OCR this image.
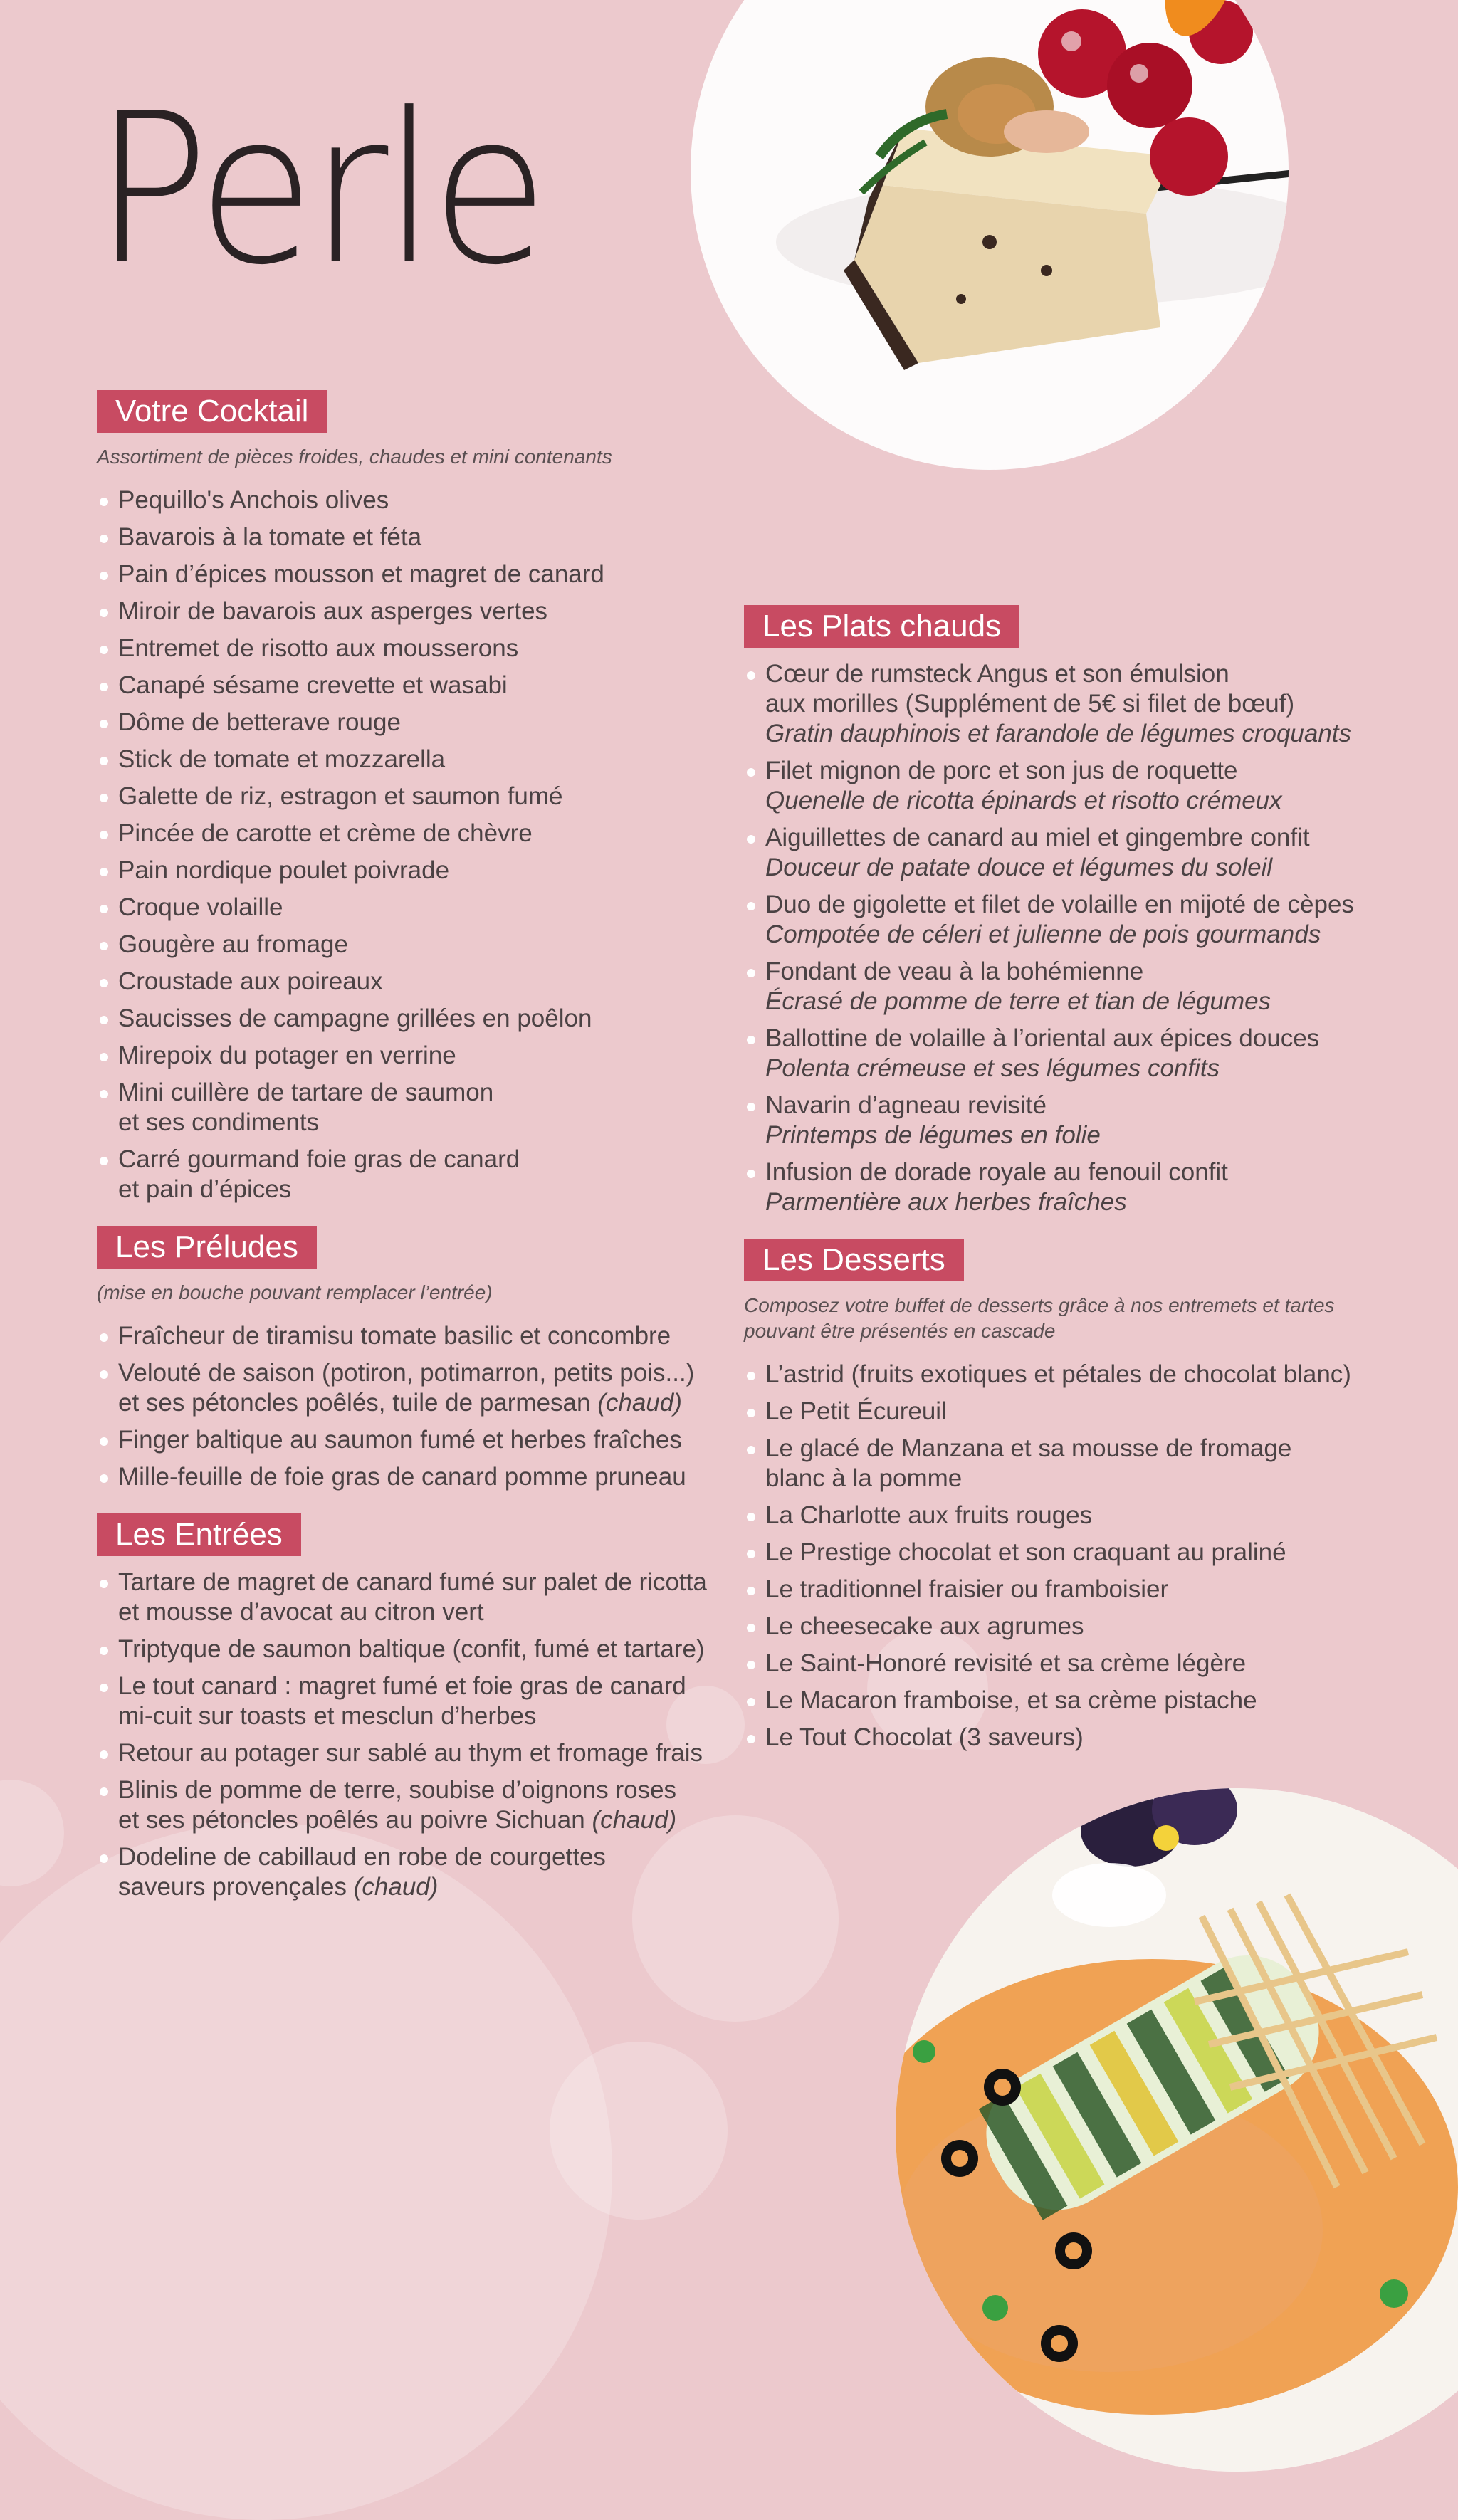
Perle
Votre Cocktail

Assortiment de pièces froides, chaudes et mini contenants

Pequillo's Anchois olives
Bavarois à la tomate et féta
Pain d’épices mousson et magret de canard
Miroir de bavarois aux asperges vertes
Entremet de risotto aux mousserons
Canapé sésame crevette et wasabi
Dôme de betterave rouge
Stick de tomate et mozzarella
Galette de riz, estragon et saumon fumé
Pincée de carotte et crème de chèvre
Pain nordique poulet poivrade
Croque volaille
Gougère au fromage
Croustade aux poireaux
Saucisses de campagne grillées en poêlon
Mirepoix du potager en verrine
Mini cuillère de tartare de saumon
et ses condiments
Carré gourmand foie gras de canard
et pain d’épices
Les Préludes

(mise en bouche pouvant remplacer l’entrée)

Fraîcheur de tiramisu tomate basilic et concombre
Velouté de saison (potiron, potimarron, petits pois...)
et ses pétoncles poêlés, tuile de parmesan (chaud)
Finger baltique au saumon fumé et herbes fraîches
Mille-feuille de foie gras de canard pomme pruneau
Les Entrées
Tartare de magret de canard fumé sur palet de ricotta
et mousse d’avocat au citron vert
Triptyque de saumon baltique (confit, fumé et tartare)
Le tout canard : magret fumé et foie gras de canard
mi-cuit sur toasts et mesclun d’herbes
Retour au potager sur sablé au thym et fromage frais
Blinis de pomme de terre, soubise d’oignons roses
et ses pétoncles poêlés au poivre Sichuan (chaud)
Dodeline de cabillaud en robe de courgettes
saveurs provençales (chaud)
Les Plats chauds
Cœur de rumsteck Angus et son émulsion
aux morilles (Supplément de 5€ si filet de bœuf)
Gratin dauphinois et farandole de légumes croquants
Filet mignon de porc et son jus de roquette
Quenelle de ricotta épinards et risotto crémeux
Aiguillettes de canard au miel et gingembre confit
Douceur de patate douce et légumes du soleil
Duo de gigolette et filet de volaille en mijoté de cèpes
Compotée de céleri et julienne de pois gourmands
Fondant de veau à la bohémienne
Écrasé de pomme de terre et tian de légumes
Ballottine de volaille à l’oriental aux épices douces
Polenta crémeuse et ses légumes confits
Navarin d’agneau revisité
Printemps de légumes en folie
Infusion de dorade royale au fenouil confit
Parmentière aux herbes fraîches
Les Desserts

Composez votre buffet de desserts grâce à nos entremets et tartes pouvant être présentés en cascade

L’astrid (fruits exotiques et pétales de chocolat blanc)
Le Petit Écureuil
Le glacé de Manzana et sa mousse de fromage
blanc à la pomme
La Charlotte aux fruits rouges
Le Prestige chocolat et son craquant au praliné
Le traditionnel fraisier ou framboisier
Le cheesecake aux agrumes
Le Saint-Honoré revisité et sa crème légère
Le Macaron framboise, et sa crème pistache
Le Tout Chocolat (3 saveurs)
